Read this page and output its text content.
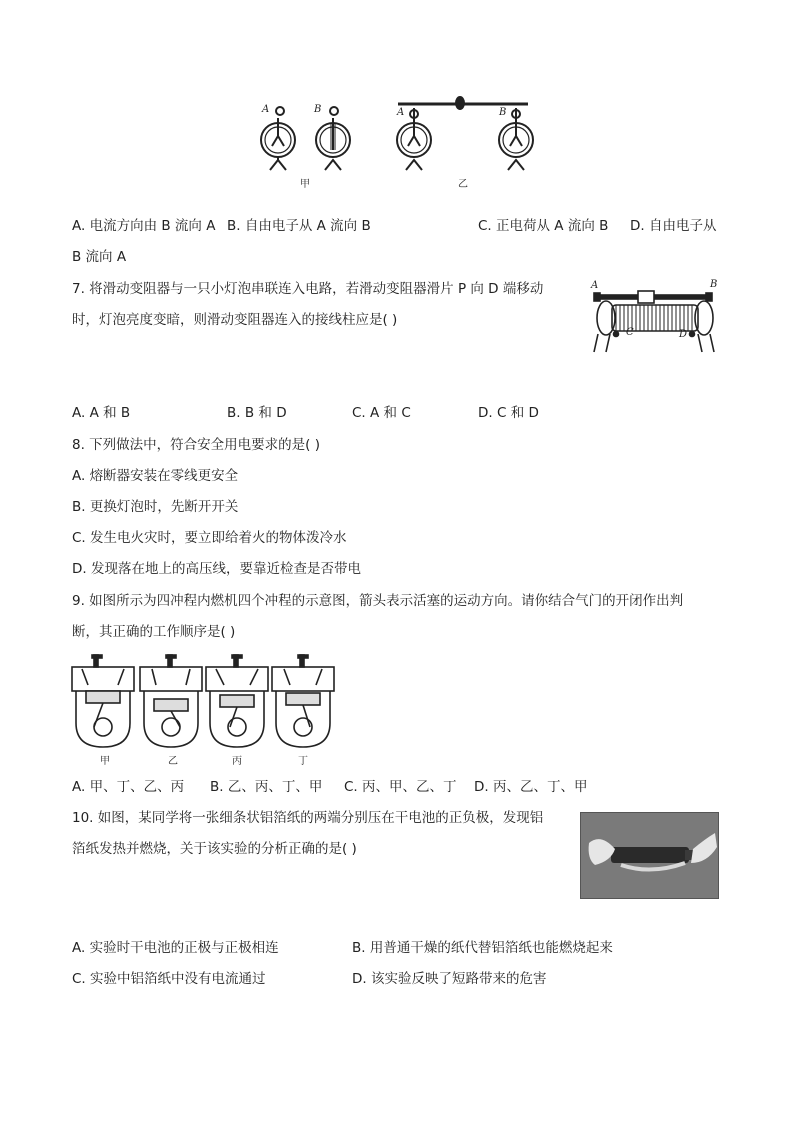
A	B	A	B
甲	乙
A. 电流方向由 B 流向 A B. 自由电子从 A 流向 B	C. 正电荷从 A 流向 B D. 自由电子从
B 流向 A
7. 将滑动变阻器与一只小灯泡串联连入电路，若滑动变阻器滑片 P 向 D 端移动
时，灯泡亮度变暗，则滑动变阻器连入的接线柱应是( )
A	B
C	D
A. A 和 B	B. B 和 D	C. A 和 C	D. C 和 D
8. 下列做法中，符合安全用电要求的是( )
A. 熔断器安装在零线更安全
B. 更换灯泡时，先断开开关
C. 发生电火灾时，要立即给着火的物体泼冷水
D. 发现落在地上的高压线，要靠近检查是否带电
9. 如图所示为四冲程内燃机四个冲程的示意图，箭头表示活塞的运动方向。请你结合气门的开闭作出判
断，其正确的工作顺序是( )
甲	乙	丙	丁
A. 甲、丁、乙、丙 B. 乙、丙、丁、甲 C. 丙、甲、乙、丁 D. 丙、乙、丁、甲
10. 如图，某同学将一张细条状铝箔纸的两端分别压在干电池的正负极，发现铝
箔纸发热并燃烧，关于该实验的分析正确的是( )
A. 实验时干电池的正极与正极相连	B. 用普通干燥的纸代替铝箔纸也能燃烧起来
C. 实验中铝箔纸中没有电流通过	D. 该实验反映了短路带来的危害
